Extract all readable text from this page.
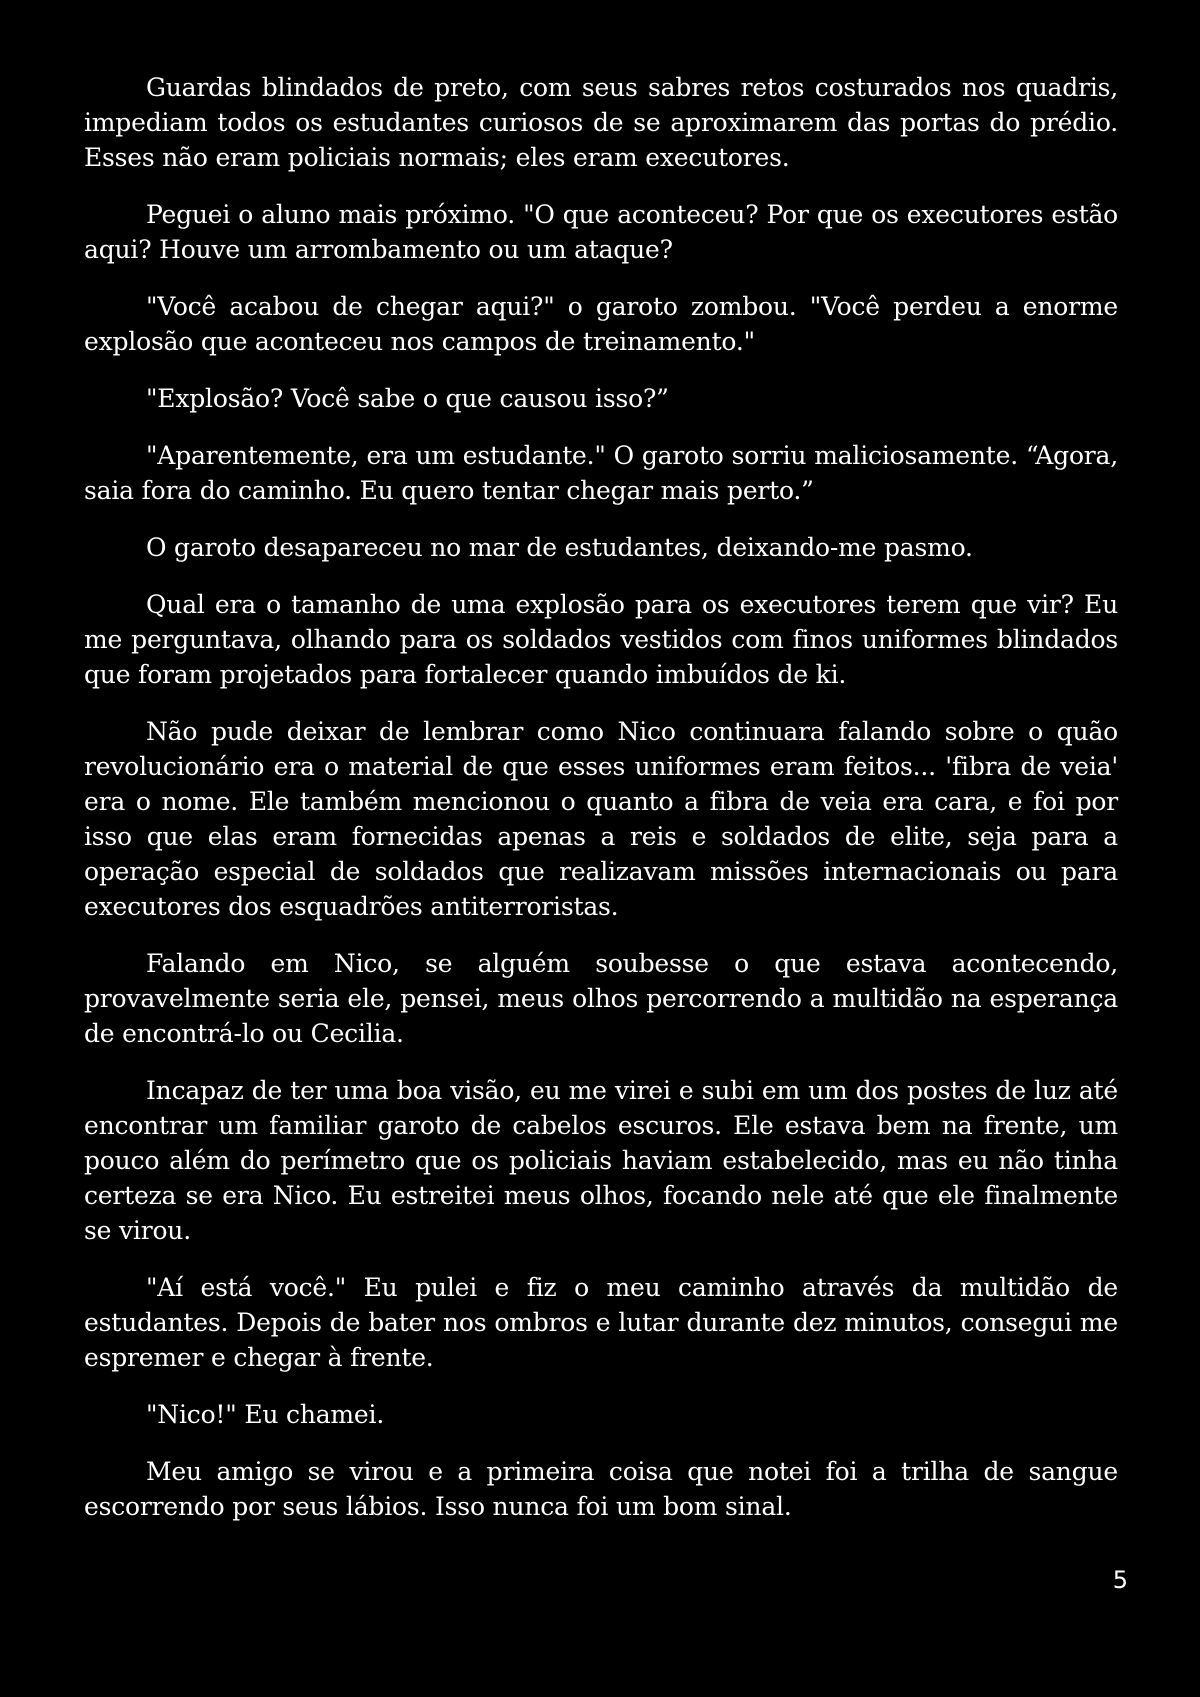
Guardas blindados de preto, com seus sabres retos costurados nos quadris, impediam todos os estudantes curiosos de se aproximarem das portas do prédio. Esses não eram policiais normais; eles eram executores.

Peguei o aluno mais próximo. "O que aconteceu? Por que os executores estão aqui? Houve um arrombamento ou um ataque?

"Você acabou de chegar aqui?" o garoto zombou. "Você perdeu a enorme explosão que aconteceu nos campos de treinamento."

"Explosão? Você sabe o que causou isso?”

"Aparentemente, era um estudante." O garoto sorriu maliciosamente. “Agora, saia fora do caminho. Eu quero tentar chegar mais perto.”

O garoto desapareceu no mar de estudantes, deixando-me pasmo.

Qual era o tamanho de uma explosão para os executores terem que vir? Eu me perguntava, olhando para os soldados vestidos com finos uniformes blindados que foram projetados para fortalecer quando imbuídos de ki.

Não pude deixar de lembrar como Nico continuara falando sobre o quão revolucionário era o material de que esses uniformes eram feitos... 'fibra de veia' era o nome. Ele também mencionou o quanto a fibra de veia era cara, e foi por isso que elas eram fornecidas apenas a reis e soldados de elite, seja para a operação especial de soldados que realizavam missões internacionais ou para executores dos esquadrões antiterroristas.

Falando em Nico, se alguém soubesse o que estava acontecendo, provavelmente seria ele, pensei, meus olhos percorrendo a multidão na esperança de encontrá-lo ou Cecilia.

Incapaz de ter uma boa visão, eu me virei e subi em um dos postes de luz até encontrar um familiar garoto de cabelos escuros. Ele estava bem na frente, um pouco além do perímetro que os policiais haviam estabelecido, mas eu não tinha certeza se era Nico. Eu estreitei meus olhos, focando nele até que ele finalmente se virou.

"Aí está você." Eu pulei e fiz o meu caminho através da multidão de estudantes. Depois de bater nos ombros e lutar durante dez minutos, consegui me espremer e chegar à frente.

"Nico!" Eu chamei.

Meu amigo se virou e a primeira coisa que notei foi a trilha de sangue escorrendo por seus lábios. Isso nunca foi um bom sinal.

5
